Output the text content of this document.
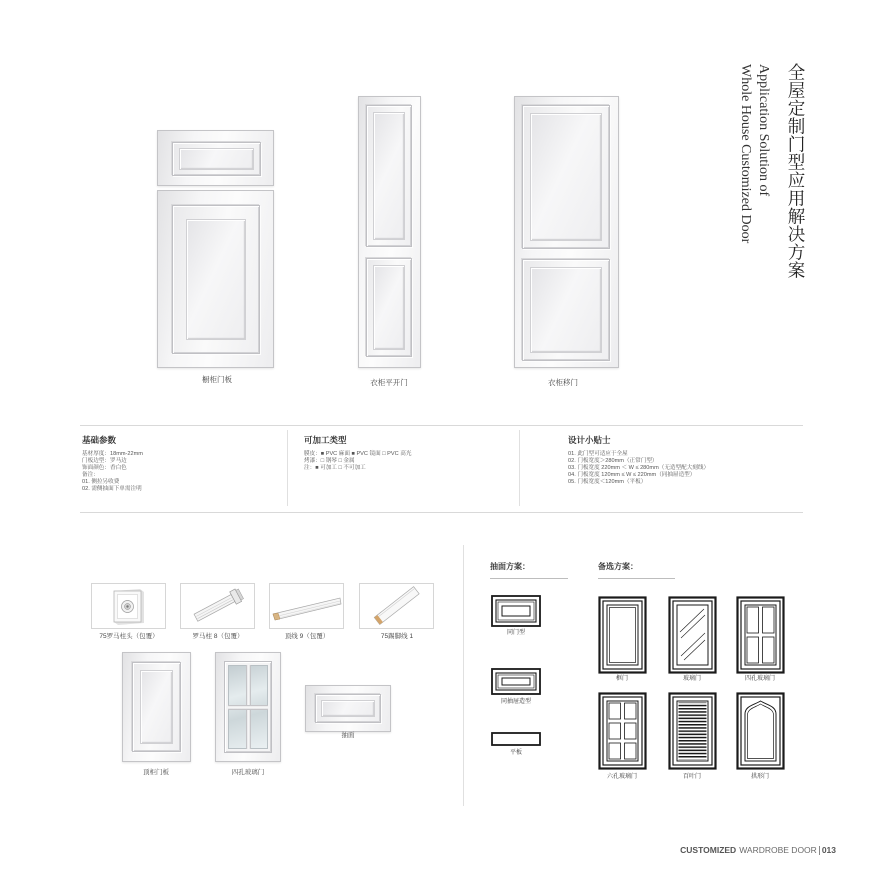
全屋定制门型应用解决方案
Application Solution of
Whole House Customized Door
橱柜门板	衣柜平开门	衣柜移门
基础参数
基材厚度：18mm-22mm
门板边型：罗马边
饰面颜色：香白色
备注：
01. 侧拉另收费
02. 需侧抽面下单需注明
可加工类型
膜皮：■ PVC 麻面 ■ PVC 镜面 □ PVC 高光
烤漆：□ 钢琴 □ 金属
注：■ 可加工 □ 不可加工
设计小贴士
01. 此门型可适应于全屋
02. 门板宽度＞280mm（正常门型）
03. 门板宽度 220mm ＜ W ≤ 280mm（无造型配大刻线）
04. 门板宽度 120mm ≤ W ≤ 220mm（同抽屉造型）
05. 门板宽度＜120mm（平板）
75罗马柱头（包覆）	罗马柱 8（包覆）	顶线 9（包覆）	75踢脚线 1
顶柜门板	四孔玻璃门
抽面
抽面方案：
同门型
同抽屉造型
平板
备选方案：
框门	玻璃门	四孔玻璃门
六孔玻璃门	百叶门	拱形门
CUSTOMIZED WARDROBE DOOR 013
